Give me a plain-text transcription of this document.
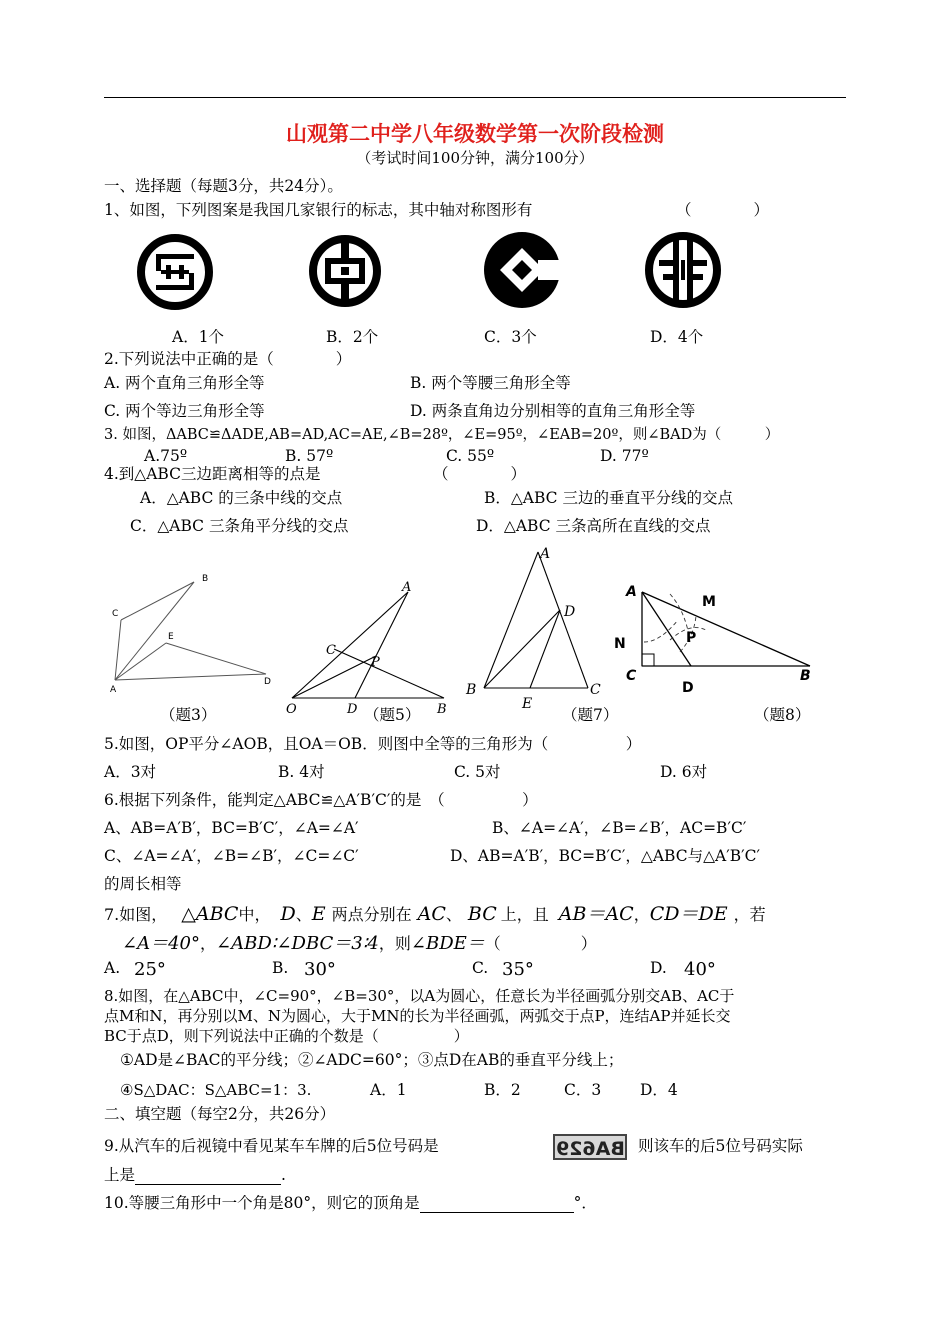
山观第二中学八年级数学第一次阶段检测
（考试时间100分钟，满分100分）
一、选择题（每题3分，共24分）。
1、如图，下列图案是我国几家银行的标志，其中轴对称图形有	（　　　　）
A．1个	B．2个	C．3个	D．4个
2.下列说法中正确的是（　　　　）
A. 两个直角三角形全等	B. 两个等腰三角形全等
C. 两个等边三角形全等	D. 两条直角边分别相等的直角三角形全等
3. 如图，ΔABC≌ΔADE,AB=AD,AC=AE,∠B=28º，∠E=95º，∠EAB=20º，则∠BAD为（　　　）
A.75º	B. 57º	C. 55º	D. 77º
4.到△ABC三边距离相等的点是	（　　　　）
A．△ABC 的三条中线的交点	B．△ABC 三边的垂直平分线的交点
C．△ABC 三条角平分线的交点	D．△ABC 三条高所在直线的交点
B
C
E
A
D
A
C
P
O	D	B
A
D
B
E
C
A
M
N	P
C
D
B
（题3）	（题5）	（题7）	（题8）
5.如图，OP平分∠AOB，且OA＝OB．则图中全等的三角形为（　　　　　）
A．3对	B. 4对	C. 5对	D. 6对
6.根据下列条件，能判定△ABC≌△A′B′C′的是　（　　　　　）
A、AB=A′B′，BC=B′C′，∠A=∠A′	B、∠A=∠A′，∠B=∠B′，AC=B′C′
C、∠A=∠A′，∠B=∠B′，∠C=∠C′	D、AB=A′B′，BC=B′C′，△ABC与△A′B′C′
的周长相等
7.如图， △ABC中， D、E 两点分别在 AC、 BC 上，且 AB＝AC，CD＝DE ，若
∠A＝40°，∠ABD∶∠DBC＝3∶4，则∠BDE＝（　　　　　）
A. 25°	B. 30°	C. 35°	D. 40°
8.如图，在△ABC中，∠C=90°，∠B=30°，以A为圆心，任意长为半径画弧分别交AB、AC于
点M和N，再分别以M、N为圆心，大于MN的长为半径画弧，两弧交于点P，连结AP并延长交
BC于点D，则下列说法中正确的个数是（　　　　　）
①AD是∠BAC的平分线；②∠ADC=60°；③点D在AB的垂直平分线上；
④S△DAC：S△ABC=1：3.	A．1	B．2	C．3	D．4
二、填空题（每空2分，共26分）
9.从汽车的后视镜中看见某车车牌的后5位号码是	BA629 则该车的后5位号码实际
上是	.
10.等腰三角形中一个角是80°，则它的顶角是	°．
